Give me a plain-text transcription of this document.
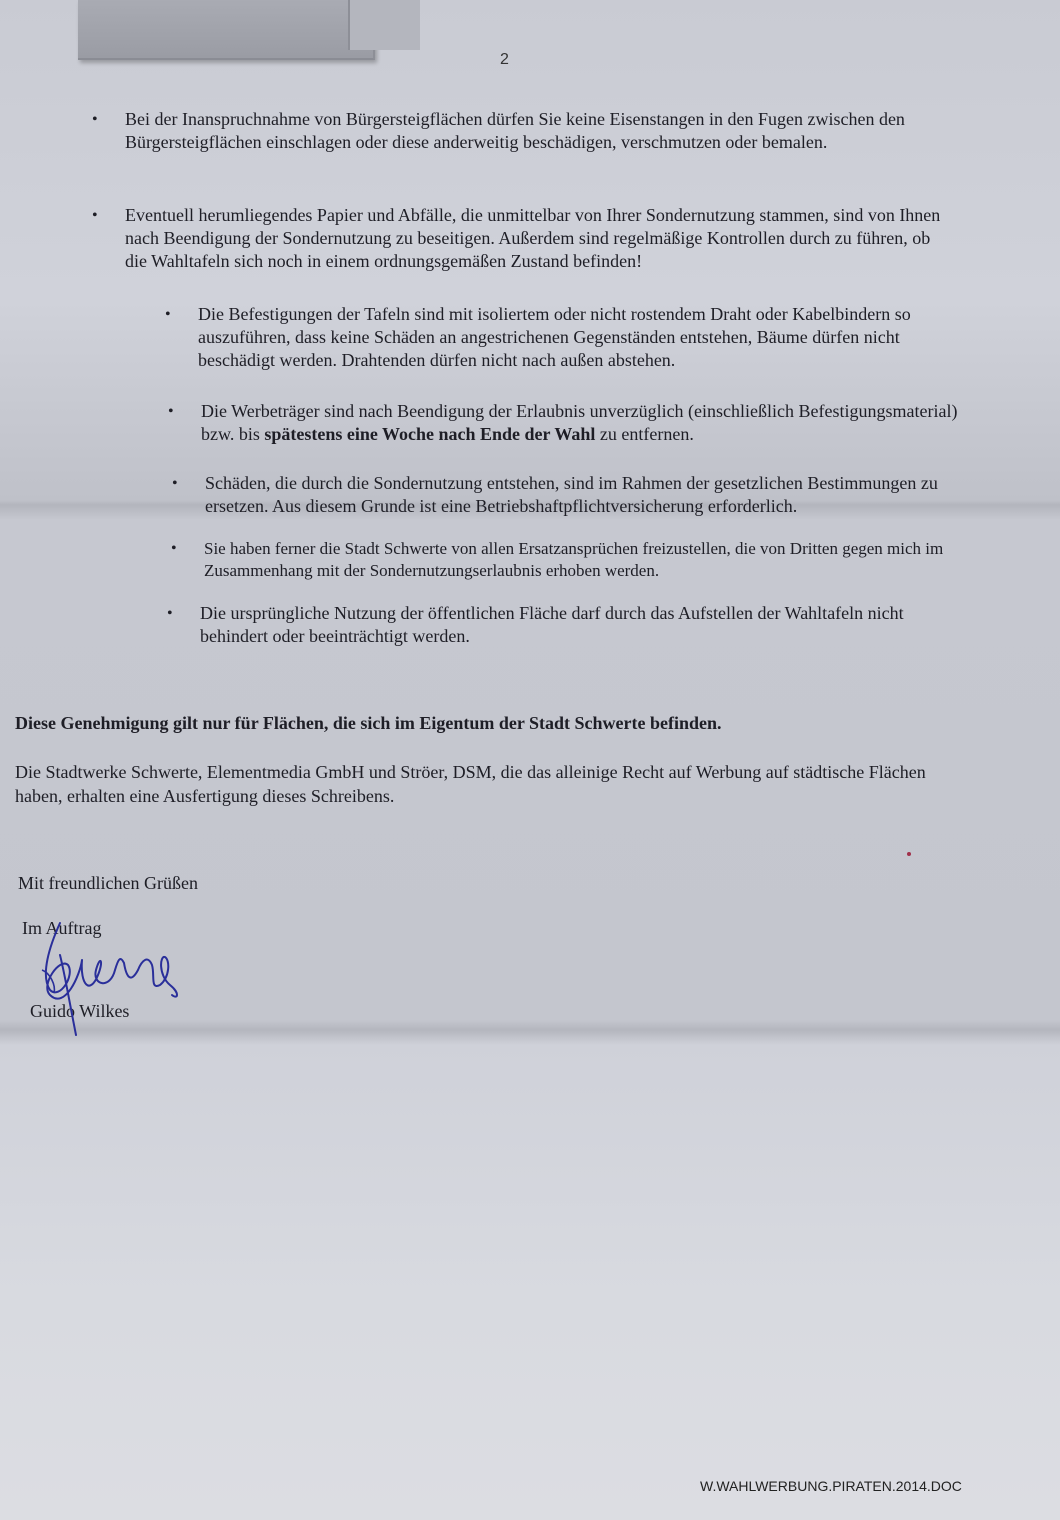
2
• Bei der Inanspruchnahme von Bürgersteigflächen dürfen Sie keine Eisenstangen in den Fugen zwischen den Bürgersteigflächen einschlagen oder diese anderweitig beschädigen, verschmutzen oder bemalen.
• Eventuell herumliegendes Papier und Abfälle, die unmittelbar von Ihrer Sondernutzung stammen, sind von Ihnen nach Beendigung der Sondernutzung zu beseitigen. Außerdem sind regelmäßige Kontrollen durch zu führen, ob die Wahltafeln sich noch in einem ordnungsgemäßen Zustand befinden!
• Die Befestigungen der Tafeln sind mit isoliertem oder nicht rostendem Draht oder Kabelbindern so auszuführen, dass keine Schäden an angestrichenen Gegenständen entstehen, Bäume dürfen nicht beschädigt werden. Drahtenden dürfen nicht nach außen abstehen.
• Die Werbeträger sind nach Beendigung der Erlaubnis unverzüglich (einschließlich Befestigungsmaterial) bzw. bis spätestens eine Woche nach Ende der Wahl zu entfernen.
• Schäden, die durch die Sondernutzung entstehen, sind im Rahmen der gesetzlichen Bestimmungen zu ersetzen. Aus diesem Grunde ist eine Betriebshaftpflichtversicherung erforderlich.
• Sie haben ferner die Stadt Schwerte von allen Ersatzansprüchen freizustellen, die von Dritten gegen mich im Zusammenhang mit der Sondernutzungserlaubnis erhoben werden.
• Die ursprüngliche Nutzung der öffentlichen Fläche darf durch das Aufstellen der Wahltafeln nicht behindert oder beeinträchtigt werden.
Diese Genehmigung gilt nur für Flächen, die sich im Eigentum der Stadt Schwerte befinden.
Die Stadtwerke Schwerte, Elementmedia GmbH und Ströer, DSM, die das alleinige Recht auf Werbung auf städtische Flächen haben, erhalten eine Ausfertigung dieses Schreibens.
Mit freundlichen Grüßen
Im Auftrag
Guido Wilkes
W.WAHLWERBUNG.PIRATEN.2014.DOC
